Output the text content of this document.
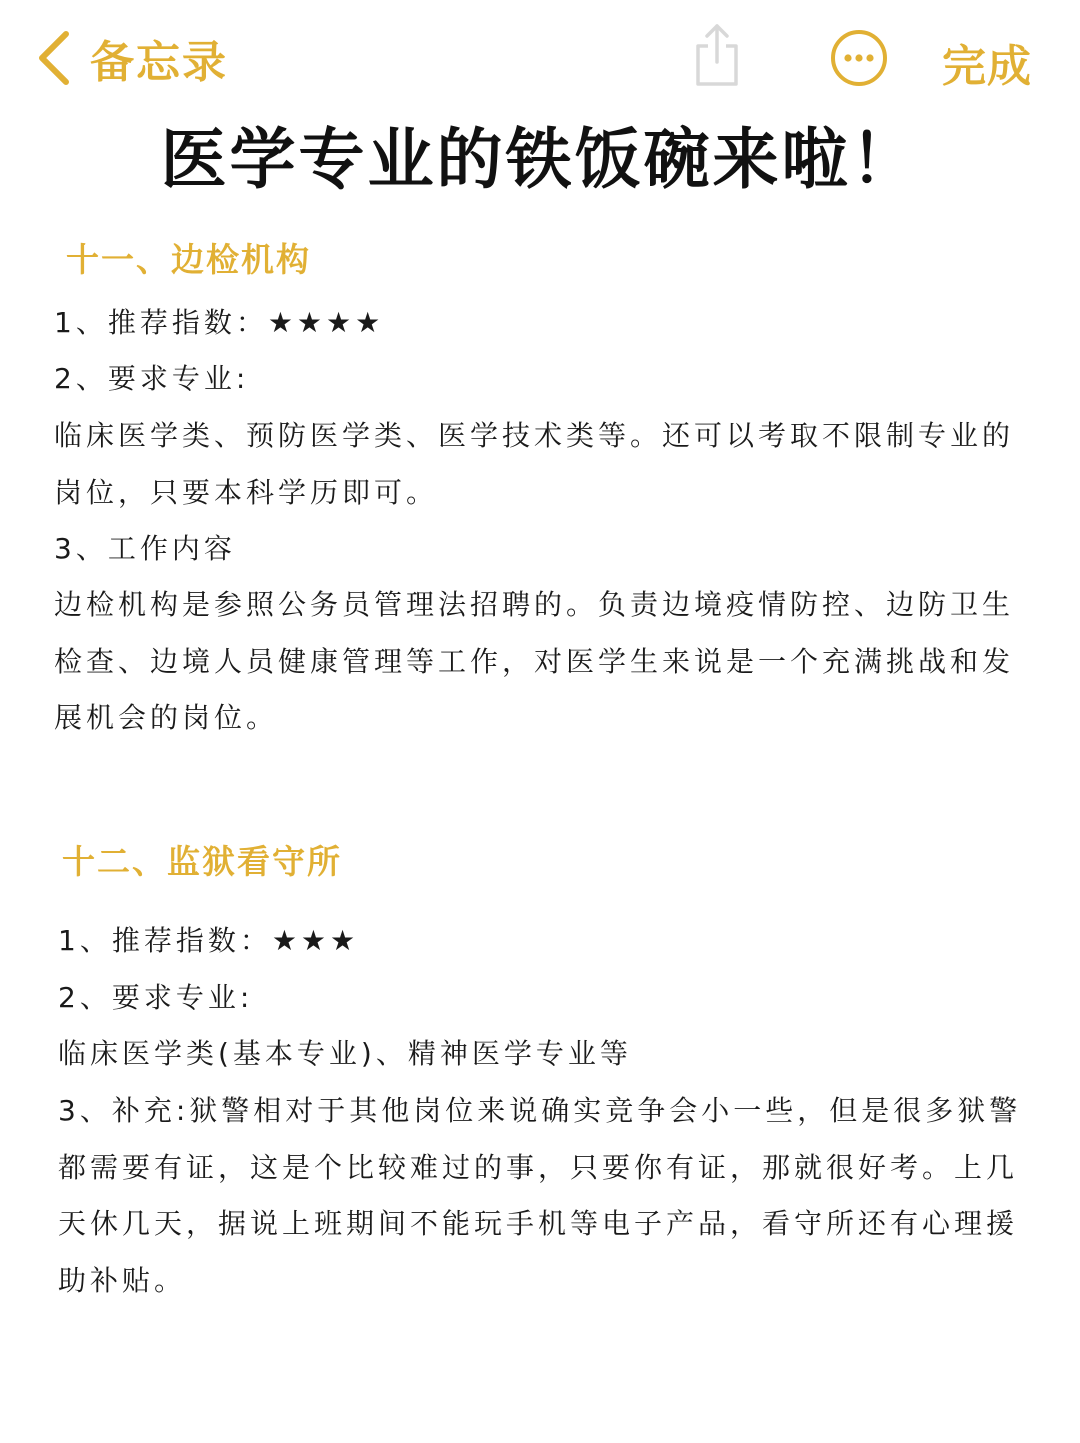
备忘录	完成
医学专业的铁饭碗来啦！
十一、边检机构
1、推荐指数：★★★★
2、要求专业:
临床医学类、预防医学类、医学技术类等。还可以考取不限制专业的岗位，只要本科学历即可。
3、工作内容
边检机构是参照公务员管理法招聘的。负责边境疫情防控、边防卫生检查、边境人员健康管理等工作，对医学生来说是一个充满挑战和发展机会的岗位。
十二、监狱看守所
1、推荐指数：★★★
2、要求专业:
临床医学类(基本专业)、精神医学专业等
3、补充:狱警相对于其他岗位来说确实竞争会小一些，但是很多狱警都需要有证，这是个比较难过的事，只要你有证，那就很好考。上几天休几天，据说上班期间不能玩手机等电子产品，看守所还有心理援助补贴。
